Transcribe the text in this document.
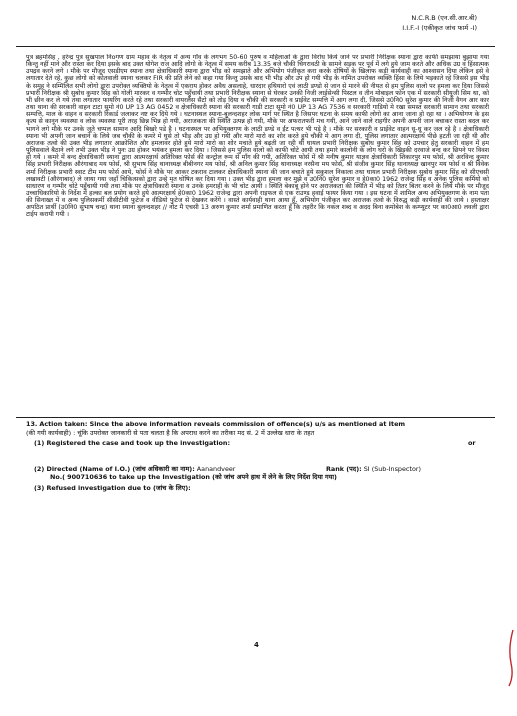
N.C.R.B (एन.सी.आर.बी)
I.I.F.-I (एकीकृत जांच फार्म -I)
पुत्र ब्रहमसिंह , हरेन्द्र पुत्र सुखपाल निoगण ग्राम महाव के नेतृत्व में अन्य गाँव के लगभग 50-60 पुरुष व महिलाओं के द्वारा विरोध किये जाने पर प्रभारी निरीक्षक स्याना द्वारा काफी समझाया बुझाया गया किन्तु नहीं माने और रास्ता कर दिया इसके बाद उक्त योगेश राज आदि लोगो के नेतृत्व में समय करीब 13.35 बजे चौकी चिंगरावठी के सामने सड़क पर पूर्व में लगे हुये जाम करते और अधिक उग्र व हिंसात्मक उपद्रव करने लगे । मौके पर मौजूद एसडीएम स्याना तथा क्षेत्राधिकारी स्याना द्वारा भीड़ को समझाते और अभियोग पंजीकृत करा करके दोषियों के खिलाफ कड़ी कार्यवाही का आश्वासन दिया लेकिन इसे वे लगातार देते रहे, कुछ लोगो को कोतवाली स्याना चलकर FIR की प्रति लेने को कहा गया किन्तु उसके बाद भी भीड़ और उप हो गयी भीड़ के नामित उपरोक्त व्यक्ति हिंसा के लिये भड़काते रहे जिससे इस भीड़ के समूह ने सम्मिलित सभी लोगो द्वारा उपरोक्त व्यक्तियो के नेतृत्व में एकराय होकर अवैध असलाहे, धारदार हथियारो एवं लाठी डण्डो से जान से मारने की नीयत से हम पुलिस वालो पर हमला कर दिया जिससे प्रभारी निरीक्षक श्री सुबोध कुमार सिंह को गोली मारकर व गम्भीर चोट पहुँचायी तथा प्रभारी निरीक्षक स्याना से घेरकर उनकी निजी लाईसेन्सी पिस्टल व तीन मोबाइल फोन एक में सरकारी सीयूजी सिम था, को भी छीन कर ले गये तथा लगातार फायरिंग करते रहे तथा सरकारी वायरलैस सैटो को तोड़ दिया व चौकी की सरकारी व प्राईवेट सम्पत्ति में आग लगा दी, जिससे उ0नि0 सुरेश कुमार की निजी वैगन आर कार तथा थाना की सरकारी वाहन टाटा सूमो नं0 UP 13 AG 0452 व क्षेत्राधिकारी स्याना की सरकारी गाडी टाटा सूमो नं0 UP 13 AG 7536 व सरकारी गाडियो मे रखा समस्त सरकारी सामान तथा सरकारी सम्पत्ति, माल के वाहन व सरकारी रिकार्ड जलाकर नष्ट कर दिये गये । घटनास्थल स्याना-बुलन्दशहर लोक मार्ग पर स्थित है जिसपर घटना के समय काफी लोगो का आना जाना हो रहा था । अभियोगण के इस कृत्य से कानून व्यवस्था व लोक व्यवस्था पूरी तरह छिन्न भिन्न हो गयी, अराजकता की स्थिति उत्पन्न हो गयी, मौके पर अफरातफरी मच गयी, आने जाने वाले राहगीर अपनी अपनी जान बचाकर रास्ता बदल कर भागने लगे मौके पर उनके जूते चप्पल सामान आदि बिखरे पडे है । घटनास्थल पर अभियुक्तगण के लाठी डण्डे व ईंट पत्थर भी पड़े है । मौके पर सरकारी व प्राईवेट वाहन धू-धू कर जल रहे है । क्षेत्राधिकारी स्याना भी अपनी जान बचाने के लिये जब चौकी के कमरे मे घुसे तो भीड़ और उग्र हो गयी और मारो मारो का शोर करते हुये चौकी मे आग लगा दी, पुलिस लगातार आत्मरक्षार्थ पीछे हटती जा रही थी और अराजक तत्वो की उक्त भीड़ लगातार आक्रोशित और हमलावर होते हुये मारो मारो का शोर मचाते हुये बढ़ती जा रही थी घायल प्रभारी निरीक्षक सुबोध कुमार सिंह को उपचार हेतु सरकारी वाहन में हम पुलिसवाले बैठाने लगे तभी उक्त भीड़ ने पुनः उग्र होकर भयंकर हमला कर दिया । जिससे हम पुलिस वालो को काफी चोटे आयी तथा हमारे कालोनी के लोग घरो के खिड़की दरवाजे बन्द कर छिपने पर विवश हो गये । कमरे में बन्द क्षेत्राधिकारी स्याना द्वारा आत्मरक्षार्थ अतिरिक्त फोर्स की कन्ट्रोल रूम से माँग की गयी, अतिरिक्त फोर्स में श्री मनीष कुमार याज्ञव क्षेत्राधिकारी शिकारपुर मय फोर्स, श्री अरविन्द कुमार सिंह प्रभारी निरीक्षक औरंगाबाद मय फोर्स, श्री सुभाष सिंह थानाध्यक्ष बीबीनगर मय फोर्स, श्री अनिल कुमार सिंह थानाध्यक्ष नरसैना मय फोर्स, श्री संजीव कुमार सिंह थानाध्यक्ष खानपुर मय फोर्स व श्री विवेक शर्मा निरीक्षक प्रभारी स्वाट टीम मय फोर्स आये, फोर्स ने मौके पर आकर टकराव टालकर क्षेत्राधिकारी स्याना की जान बचाते हुये सकुशल निकाला तथा घायल प्रभारी निरीक्षक सुबोध कुमार सिंह को सीएचसी लखावटी (औरंगाबाद) ले जाया गया जहाँ चिकित्सको द्वारा उन्हे मृत घोषित कर दिया गया । उक्त भीड़ द्वारा हमला कर मुझे व उ0नि0 सुरेश कुमार व हे0का0 1962 राजेन्द्र सिंह व अनेक पुलिस कर्मियो को साधारण व गम्भीर चोटे पहुँचायी गयी तथा मौके पर क्षेत्राधिकारी स्याना व उनके हमराही के भी चोट आयी । स्थिति बेकाबू होने पर अराजकता की स्थिति में भीड़ को तितर बितर करने के लिये मौके पर मौजूद उच्चाधिकारियो के निर्देश में हल्का बल प्रयोग करते हुये आत्मरक्षार्थ हे0का0 1962 राजेन्द्र द्वारा अपनी राइफल से एक राउण्ड हवाई फायर किया गया । इस घटना में शामिल अन्य अभियुक्तगण के नाम पता की सिनाख्त में व अन्य पुलिसकर्मी सीसीटीवी फुटेज व वीडियो फुटेज से देखकर करेंगे । वास्ते कार्यवाही थाना आया हूँ, अभियोग पंजीकृत कर अराजक तत्वो के विरुद्ध कड़ी कार्यवाही की जाये । हस्ताक्षर अपठित प्रार्थी (उ0नि0 सुभाष चन्द्र) थाना स्याना बुलन्दशहर // नोट मै एचसी 13 अरुण कुमार शर्मा प्रमाणित करता हूँ कि तहरीर कि नकल शब्द व अदद बिना कमोबेश के कम्प्यूटर पर का0आ0 लवली द्वारा टाईप करायी गयी ।
13. Action taken: Since the above information reveals commission of offence(s) u/s as mentioned at Item
(की गयी कार्यवाही) : चूंकि उपरोक्त जानकारी से पता चलता है कि अपराध करने का तरीका मद सं. 2 में उल्लेख धारा के तहत
(1) Registered the case and took up the investigation:	or
(2) Directed (Name of I.O.) (जांच अधिकारी का नाम): Aanandveer	Rank (पद): SI (Sub-Inspector)
No.( 900710636 to take up the Investigation (को जांच अपने हाथ में लेने के लिए निर्देश दिया गया)
(3) Refused investigation due to (जांच के लिए):
4
